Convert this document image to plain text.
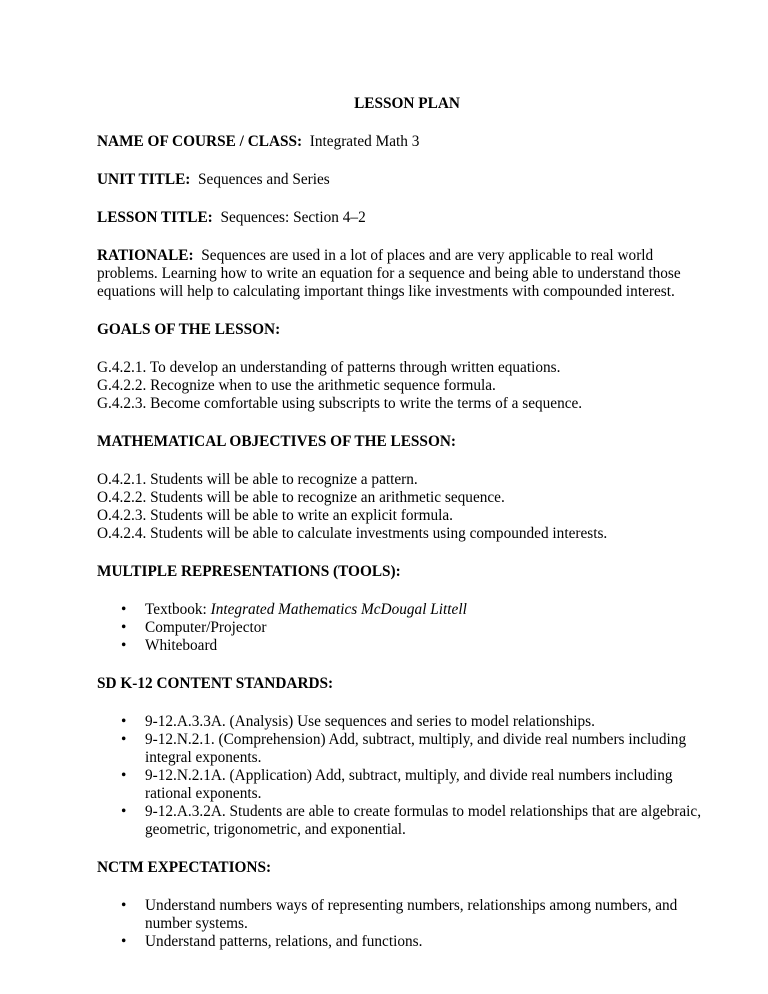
LESSON PLAN

NAME OF COURSE / CLASS: Integrated Math 3

UNIT TITLE: Sequences and Series

LESSON TITLE: Sequences: Section 4–2

RATIONALE: Sequences are used in a lot of places and are very applicable to real world problems. Learning how to write an equation for a sequence and being able to understand those equations will help to calculating important things like investments with compounded interest.

GOALS OF THE LESSON:

G.4.2.1. To develop an understanding of patterns through written equations.
G.4.2.2. Recognize when to use the arithmetic sequence formula.
G.4.2.3. Become comfortable using subscripts to write the terms of a sequence.

MATHEMATICAL OBJECTIVES OF THE LESSON:

O.4.2.1. Students will be able to recognize a pattern.
O.4.2.2. Students will be able to recognize an arithmetic sequence.
O.4.2.3. Students will be able to write an explicit formula.
O.4.2.4. Students will be able to calculate investments using compounded interests.

MULTIPLE REPRESENTATIONS (TOOLS):

• Textbook: Integrated Mathematics McDougal Littell
• Computer/Projector
• Whiteboard

SD K-12 CONTENT STANDARDS:

• 9-12.A.3.3A. (Analysis) Use sequences and series to model relationships.
• 9-12.N.2.1. (Comprehension) Add, subtract, multiply, and divide real numbers including integral exponents.
• 9-12.N.2.1A. (Application) Add, subtract, multiply, and divide real numbers including rational exponents.
• 9-12.A.3.2A. Students are able to create formulas to model relationships that are algebraic, geometric, trigonometric, and exponential.

NCTM EXPECTATIONS:

• Understand numbers ways of representing numbers, relationships among numbers, and number systems.
• Understand patterns, relations, and functions.
